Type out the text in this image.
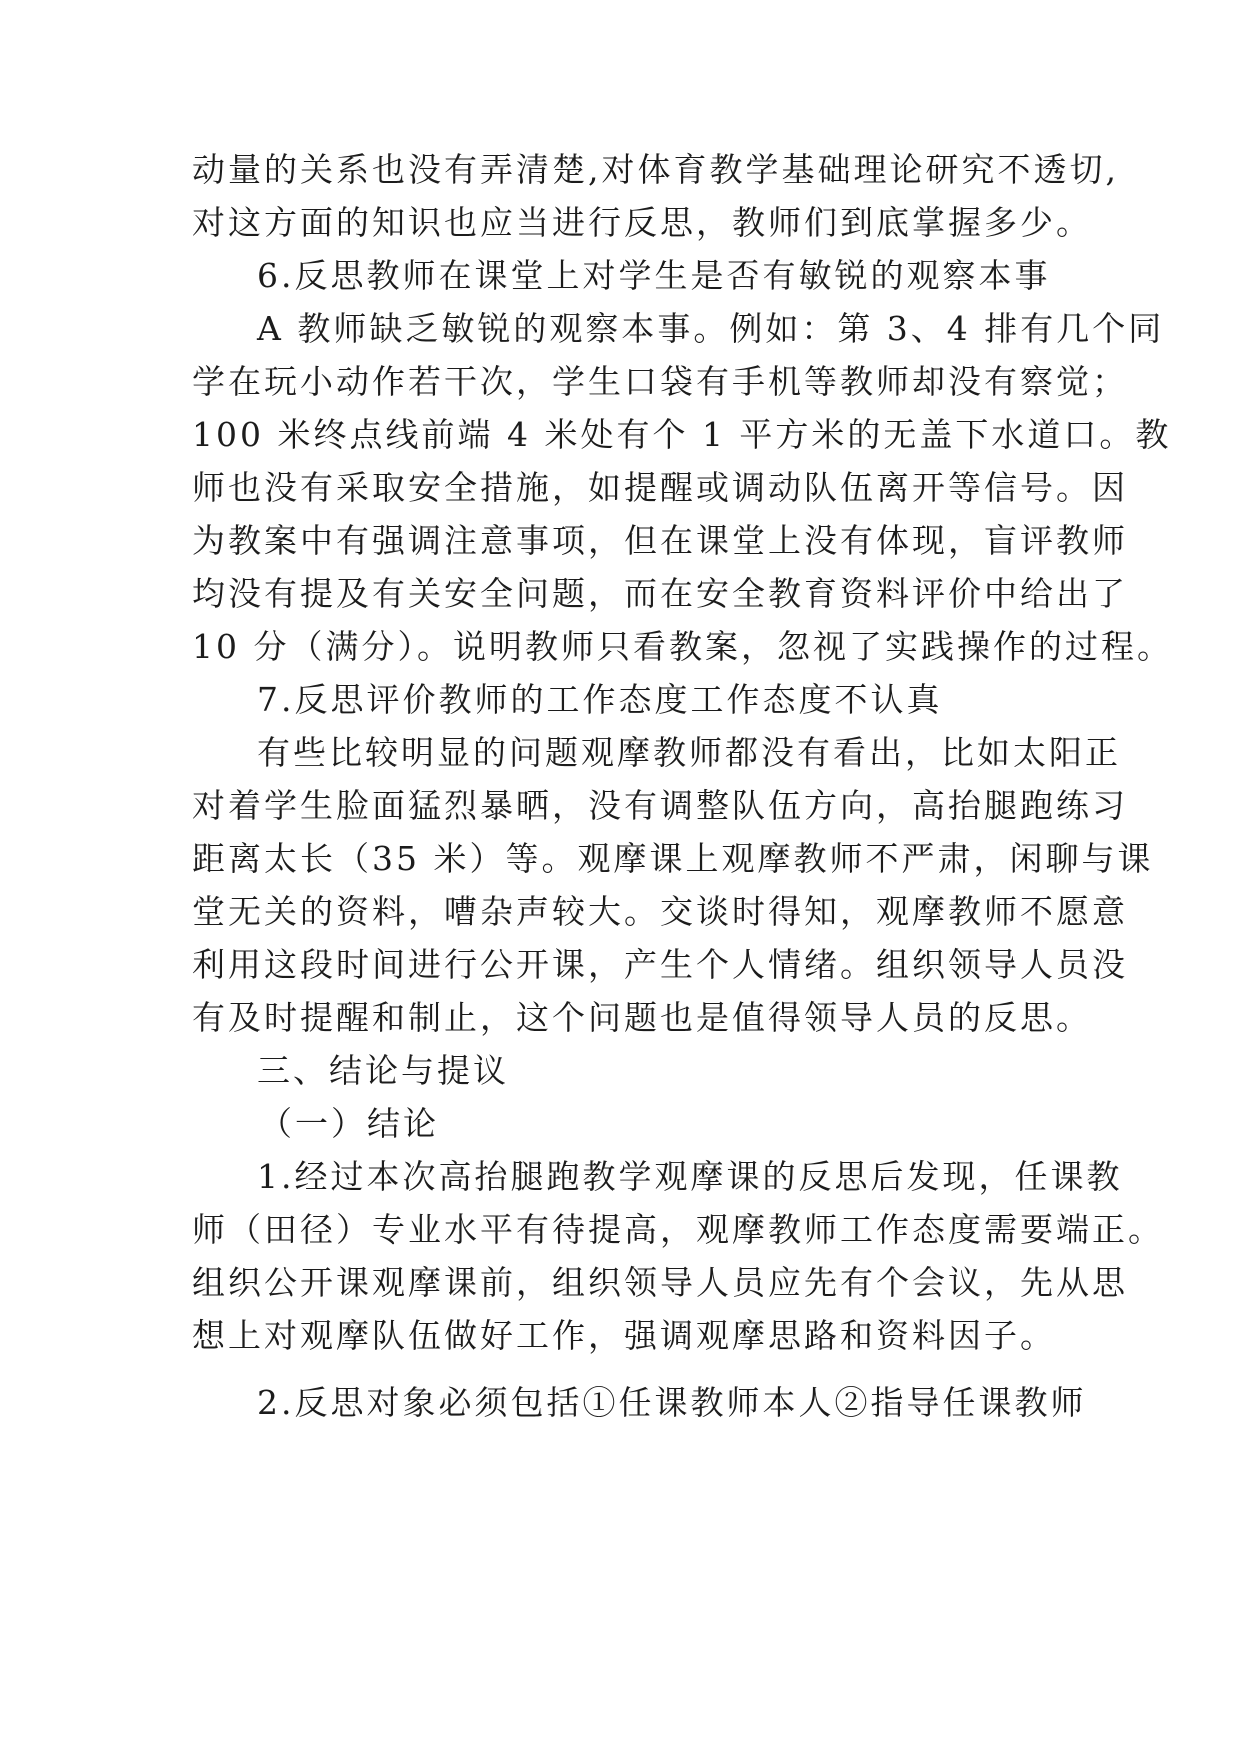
动量的关系也没有弄清楚,对体育教学基础理论研究不透切,
对这方面的知识也应当进行反思，教师们到底掌握多少。
6.反思教师在课堂上对学生是否有敏锐的观察本事
A 教师缺乏敏锐的观察本事。例如：第 3、4 排有几个同
学在玩小动作若干次，学生口袋有手机等教师却没有察觉；
100 米终点线前端 4 米处有个 1 平方米的无盖下水道口。教
师也没有采取安全措施，如提醒或调动队伍离开等信号。因
为教案中有强调注意事项，但在课堂上没有体现，盲评教师
均没有提及有关安全问题，而在安全教育资料评价中给出了
10 分（满分）。说明教师只看教案，忽视了实践操作的过程。
7.反思评价教师的工作态度工作态度不认真
有些比较明显的问题观摩教师都没有看出，比如太阳正
对着学生脸面猛烈暴晒，没有调整队伍方向，高抬腿跑练习
距离太长（35 米）等。观摩课上观摩教师不严肃，闲聊与课
堂无关的资料，嘈杂声较大。交谈时得知，观摩教师不愿意
利用这段时间进行公开课，产生个人情绪。组织领导人员没
有及时提醒和制止，这个问题也是值得领导人员的反思。
三、结论与提议
（一）结论
1.经过本次高抬腿跑教学观摩课的反思后发现，任课教
师（田径）专业水平有待提高，观摩教师工作态度需要端正。
组织公开课观摩课前，组织领导人员应先有个会议，先从思
想上对观摩队伍做好工作，强调观摩思路和资料因子。
2.反思对象必须包括①任课教师本人②指导任课教师
